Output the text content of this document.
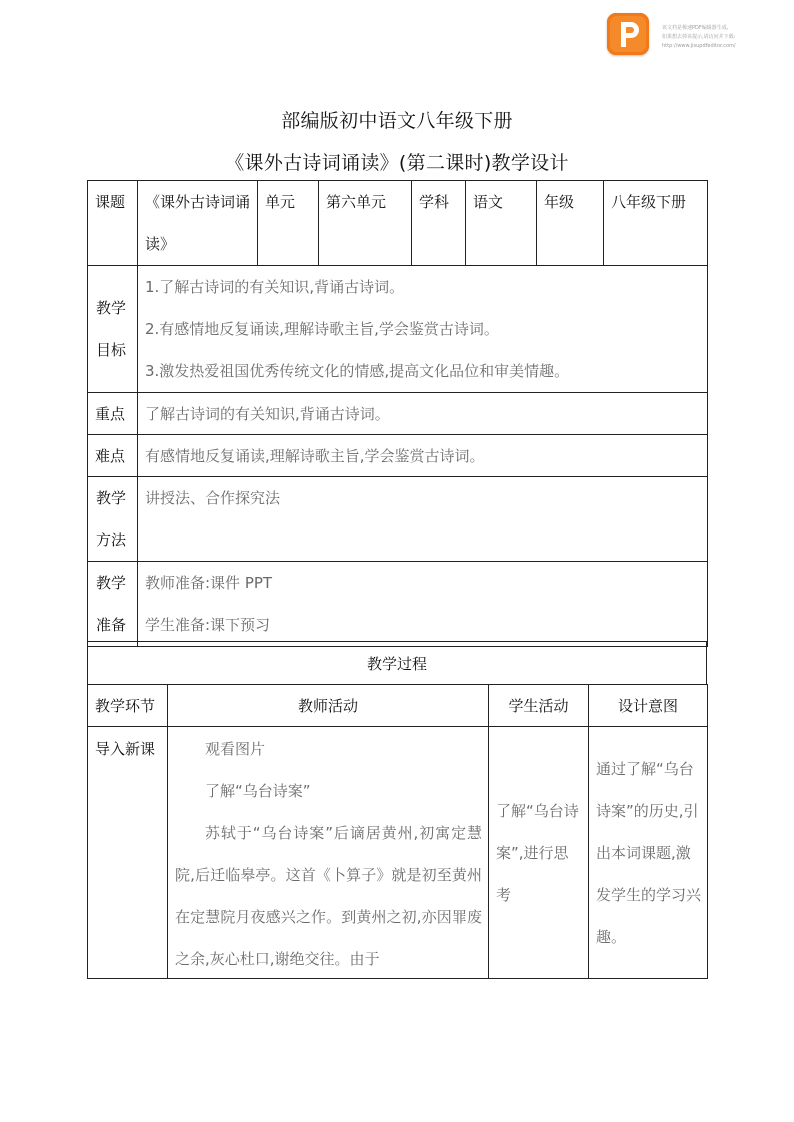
该文档是极速PDF编辑器生成,
如果想去掉该提示,请访问并下载:
http://www.jisupdfeditor.com/
部编版初中语文八年级下册
《课外古诗词诵读》(第二课时)教学设计
课题	《课外古诗词诵读》	单元	第六单元	学科	语文	年级	八年级下册
教学目标	1.了解古诗词的有关知识,背诵古诗词。
2.有感情地反复诵读,理解诗歌主旨,学会鉴赏古诗词。
3.激发热爱祖国优秀传统文化的情感,提高文化品位和审美情趣。						

重点	了解古诗词的有关知识,背诵古诗词。						
难点	有感情地反复诵读,理解诗歌主旨,学会鉴赏古诗词。						
教学方法	讲授法、合作探究法						
教学准备	教师准备:课件 PPT
学生准备:课下预习						
教学过程
教学环节	教师活动	学生活动	设计意图
导入新课	观看图片
了解“乌台诗案”
苏轼于“乌台诗案”后谪居黄州,初寓定慧院,后迁临皋亭。这首《卜算子》就是初至黄州在定慧院月夜感兴之作。到黄州之初,亦因罪废之余,灰心杜口,谢绝交往。由于	了解“乌台诗案”,进行思考	通过了解“乌台诗案”的历史,引出本词课题,激发学生的学习兴趣。
